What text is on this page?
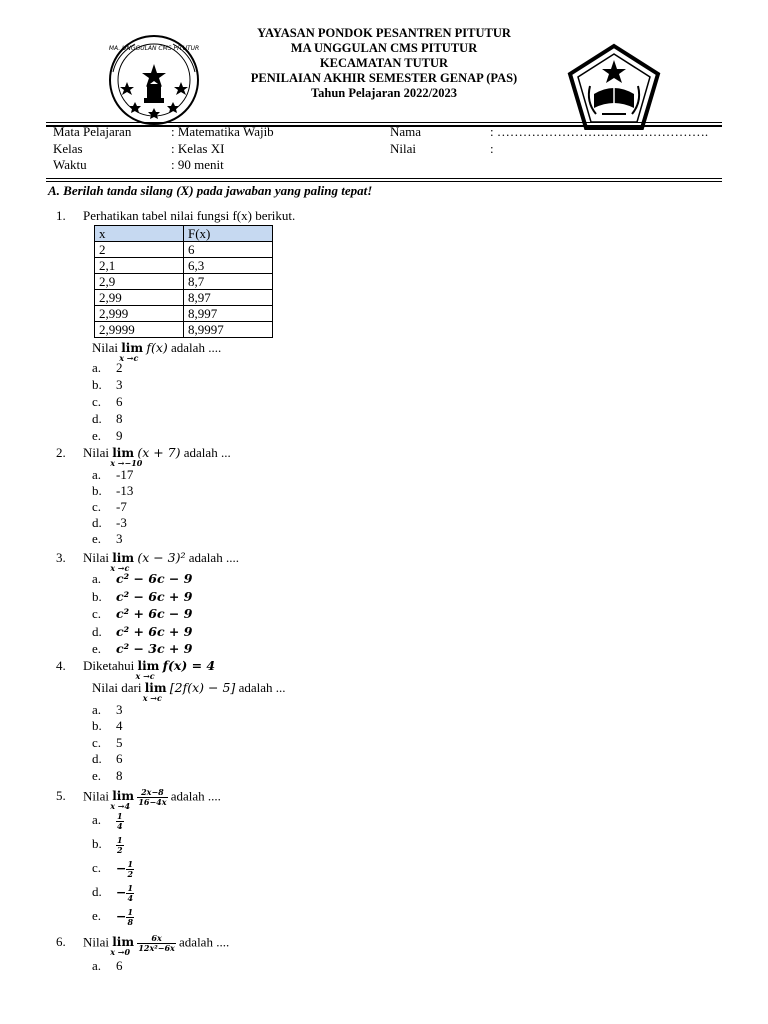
MA. UNGGULAN CMS PITUTUR
YAYASAN PONDOK PESANTREN PITUTUR
MA UNGGULAN CMS PITUTUR
KECAMATAN TUTUR
PENILAIAN AKHIR SEMESTER GENAP (PAS)
Tahun Pelajaran 2022/2023
Mata Pelajaran	: Matematika Wajib	Nama	: ………………………………………….
Kelas	: Kelas XI	Nilai	:
Waktu	: 90 menit
A. Berilah tanda silang (X) pada jawaban yang paling tepat!
1. Perhatikan tabel nilai fungsi f(x) berikut.
x	F(x)
2	6
2,1	6,3
2,9	8,7
2,99	8,97
2,999	8,997
2,9999	8,9997
Nilai lim
x →c
f(x) adalah ....
a. 2
b. 3
c. 6
d. 8
e. 9
2. Nilai lim
x →−10
(x + 7) adalah ...
a. -17
b. -13
c. -7
d. -3
e. 3
3. Nilai lim
x →c
(x − 3)² adalah ....
a. c² − 6c − 9
b. c² − 6c + 9
c. c² + 6c − 9
d. c² + 6c + 9
e. c² − 3c + 9
4. Diketahui lim
x →c
f(x) = 4
Nilai dari lim
x →c
[2f(x) − 5] adalah ...
a. 3
b. 4
c. 5
d. 6
e. 8
5. Nilai lim
x →4
$\frac{2x-8}{16-4x}$ adalah ....
a. $\frac{1}{4}$
b. $\frac{1}{2}$
c. − $\frac{1}{2}$
d. − $\frac{1}{4}$
e. − $\frac{1}{8}$
6. Nilai lim
x →0
$\frac{6x}{\text{12x²−6x}}$ adalah ....
a. 6
